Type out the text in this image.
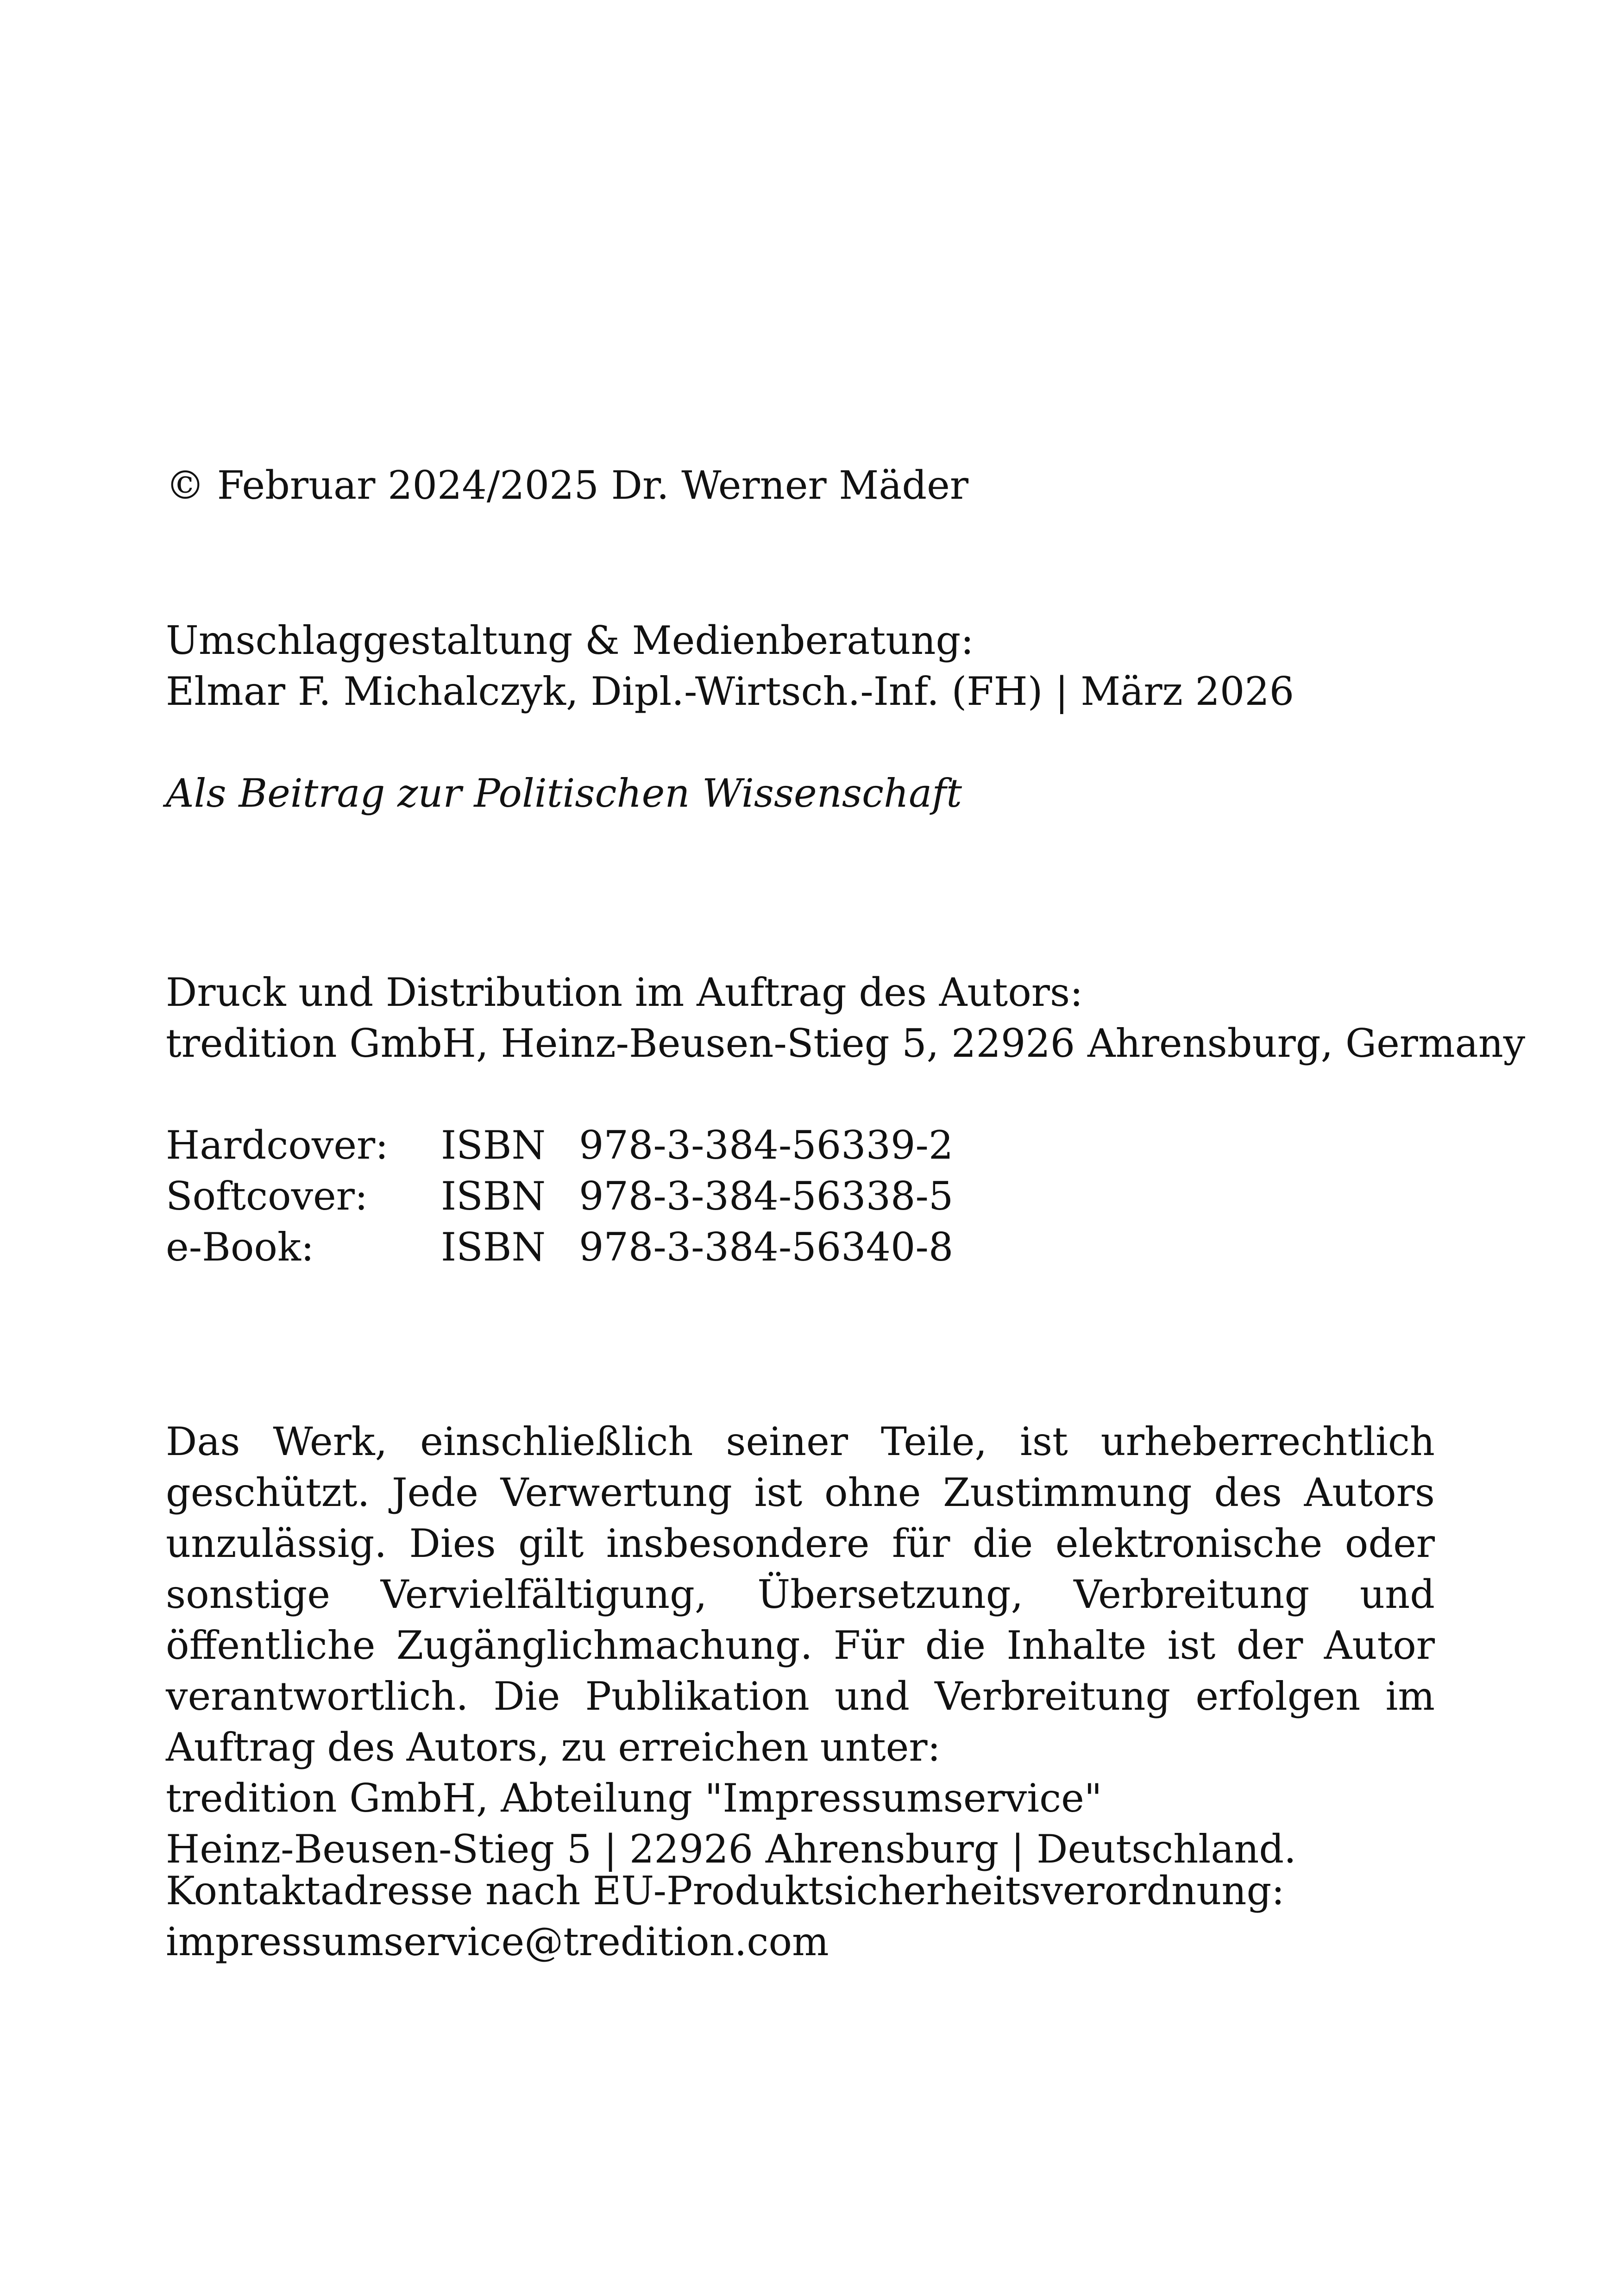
© Februar 2024/2025 Dr. Werner Mäder

Umschlaggestaltung & Medienberatung:
Elmar F. Michalczyk, Dipl.-Wirtsch.-Inf. (FH) | März 2026

Als Beitrag zur Politischen Wissenschaft

Druck und Distribution im Auftrag des Autors:
tredition GmbH, Heinz-Beusen-Stieg 5, 22926 Ahrensburg, Germany

Hardcover:	ISBN	978-3-384-56339-2
Softcover:	ISBN	978-3-384-56338-5
e-Book:	ISBN	978-3-384-56340-8
Das Werk, einschließlich seiner Teile, ist urheberrechtlich geschützt. Jede Verwertung ist ohne Zustimmung des Autors unzulässig. Dies gilt insbesondere für die elektronische oder sonstige Vervielfältigung, Übersetzung, Verbreitung und öffentliche Zugänglichmachung. Für die Inhalte ist der Autor verantwortlich. Die Publikation und Verbreitung erfolgen im Auftrag des Autors, zu erreichen unter:
tredition GmbH, Abteilung "Impressumservice"
Heinz-Beusen-Stieg 5 | 22926 Ahrensburg | Deutschland.

Kontaktadresse nach EU-Produktsicherheitsverordnung:
impressumservice@tredition.com
